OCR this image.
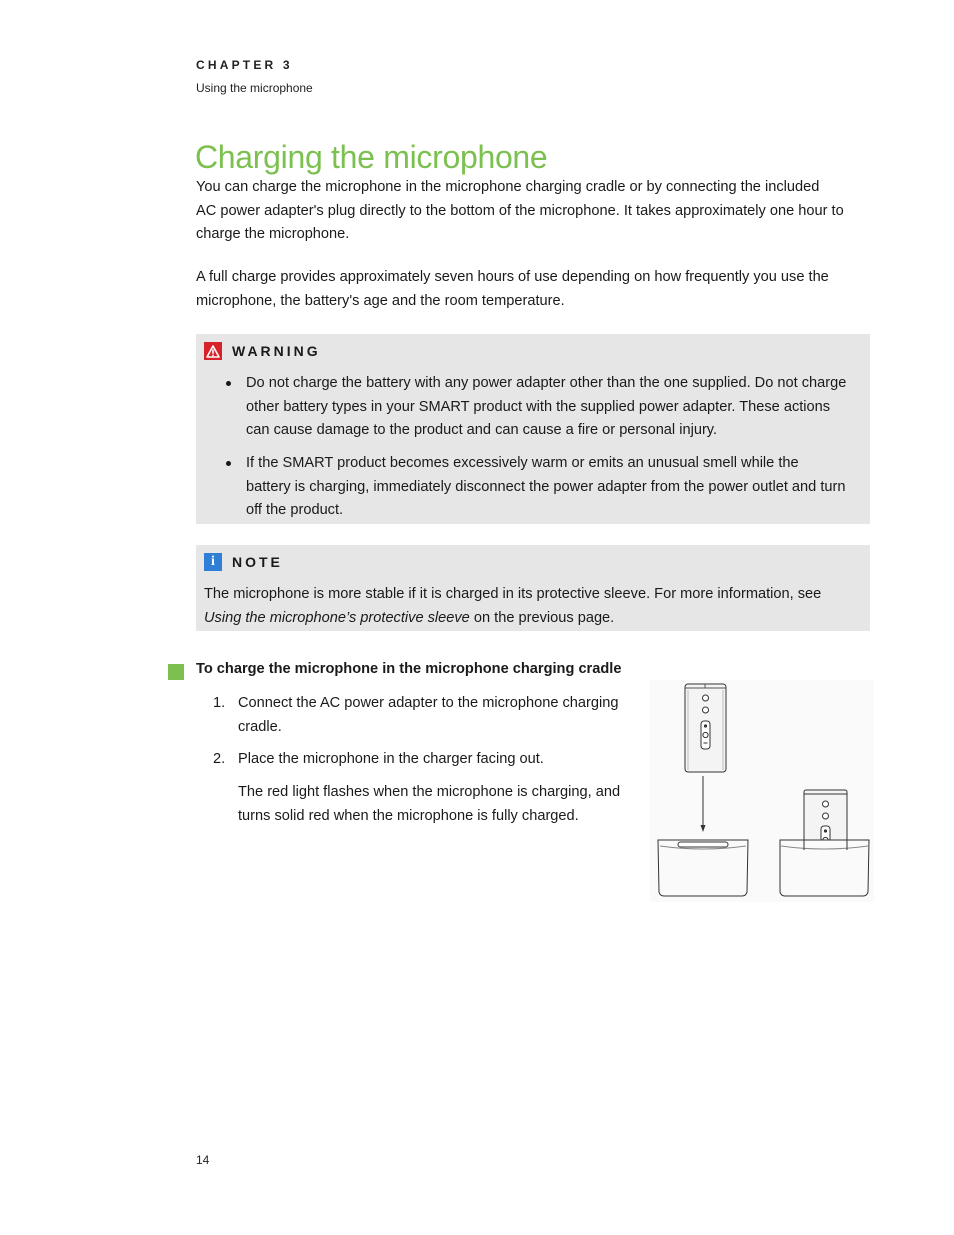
CHAPTER 3
Using the microphone
Charging the microphone
You can charge the microphone in the microphone charging cradle or by connecting the included
AC power adapter's plug directly to the bottom of the microphone. It takes approximately one hour to
charge the microphone.
A full charge provides approximately seven hours of use depending on how frequently you use the
microphone, the battery's age and the room temperature.
WARNING
Do not charge the battery with any power adapter other than the one supplied. Do not charge
other battery types in your SMART product with the supplied power adapter. These actions
can cause damage to the product and can cause a fire or personal injury.
If the SMART product becomes excessively warm or emits an unusual smell while the
battery is charging, immediately disconnect the power adapter from the power outlet and turn
off the product.
i	NOTE
The microphone is more stable if it is charged in its protective sleeve. For more information, see
Using the microphone’s protective sleeve on the previous page.
To charge the microphone in the microphone charging cradle
1. Connect the AC power adapter to the microphone charging
cradle.
2. Place the microphone in the charger facing out.
The red light flashes when the microphone is charging, and
turns solid red when the microphone is fully charged.
14
